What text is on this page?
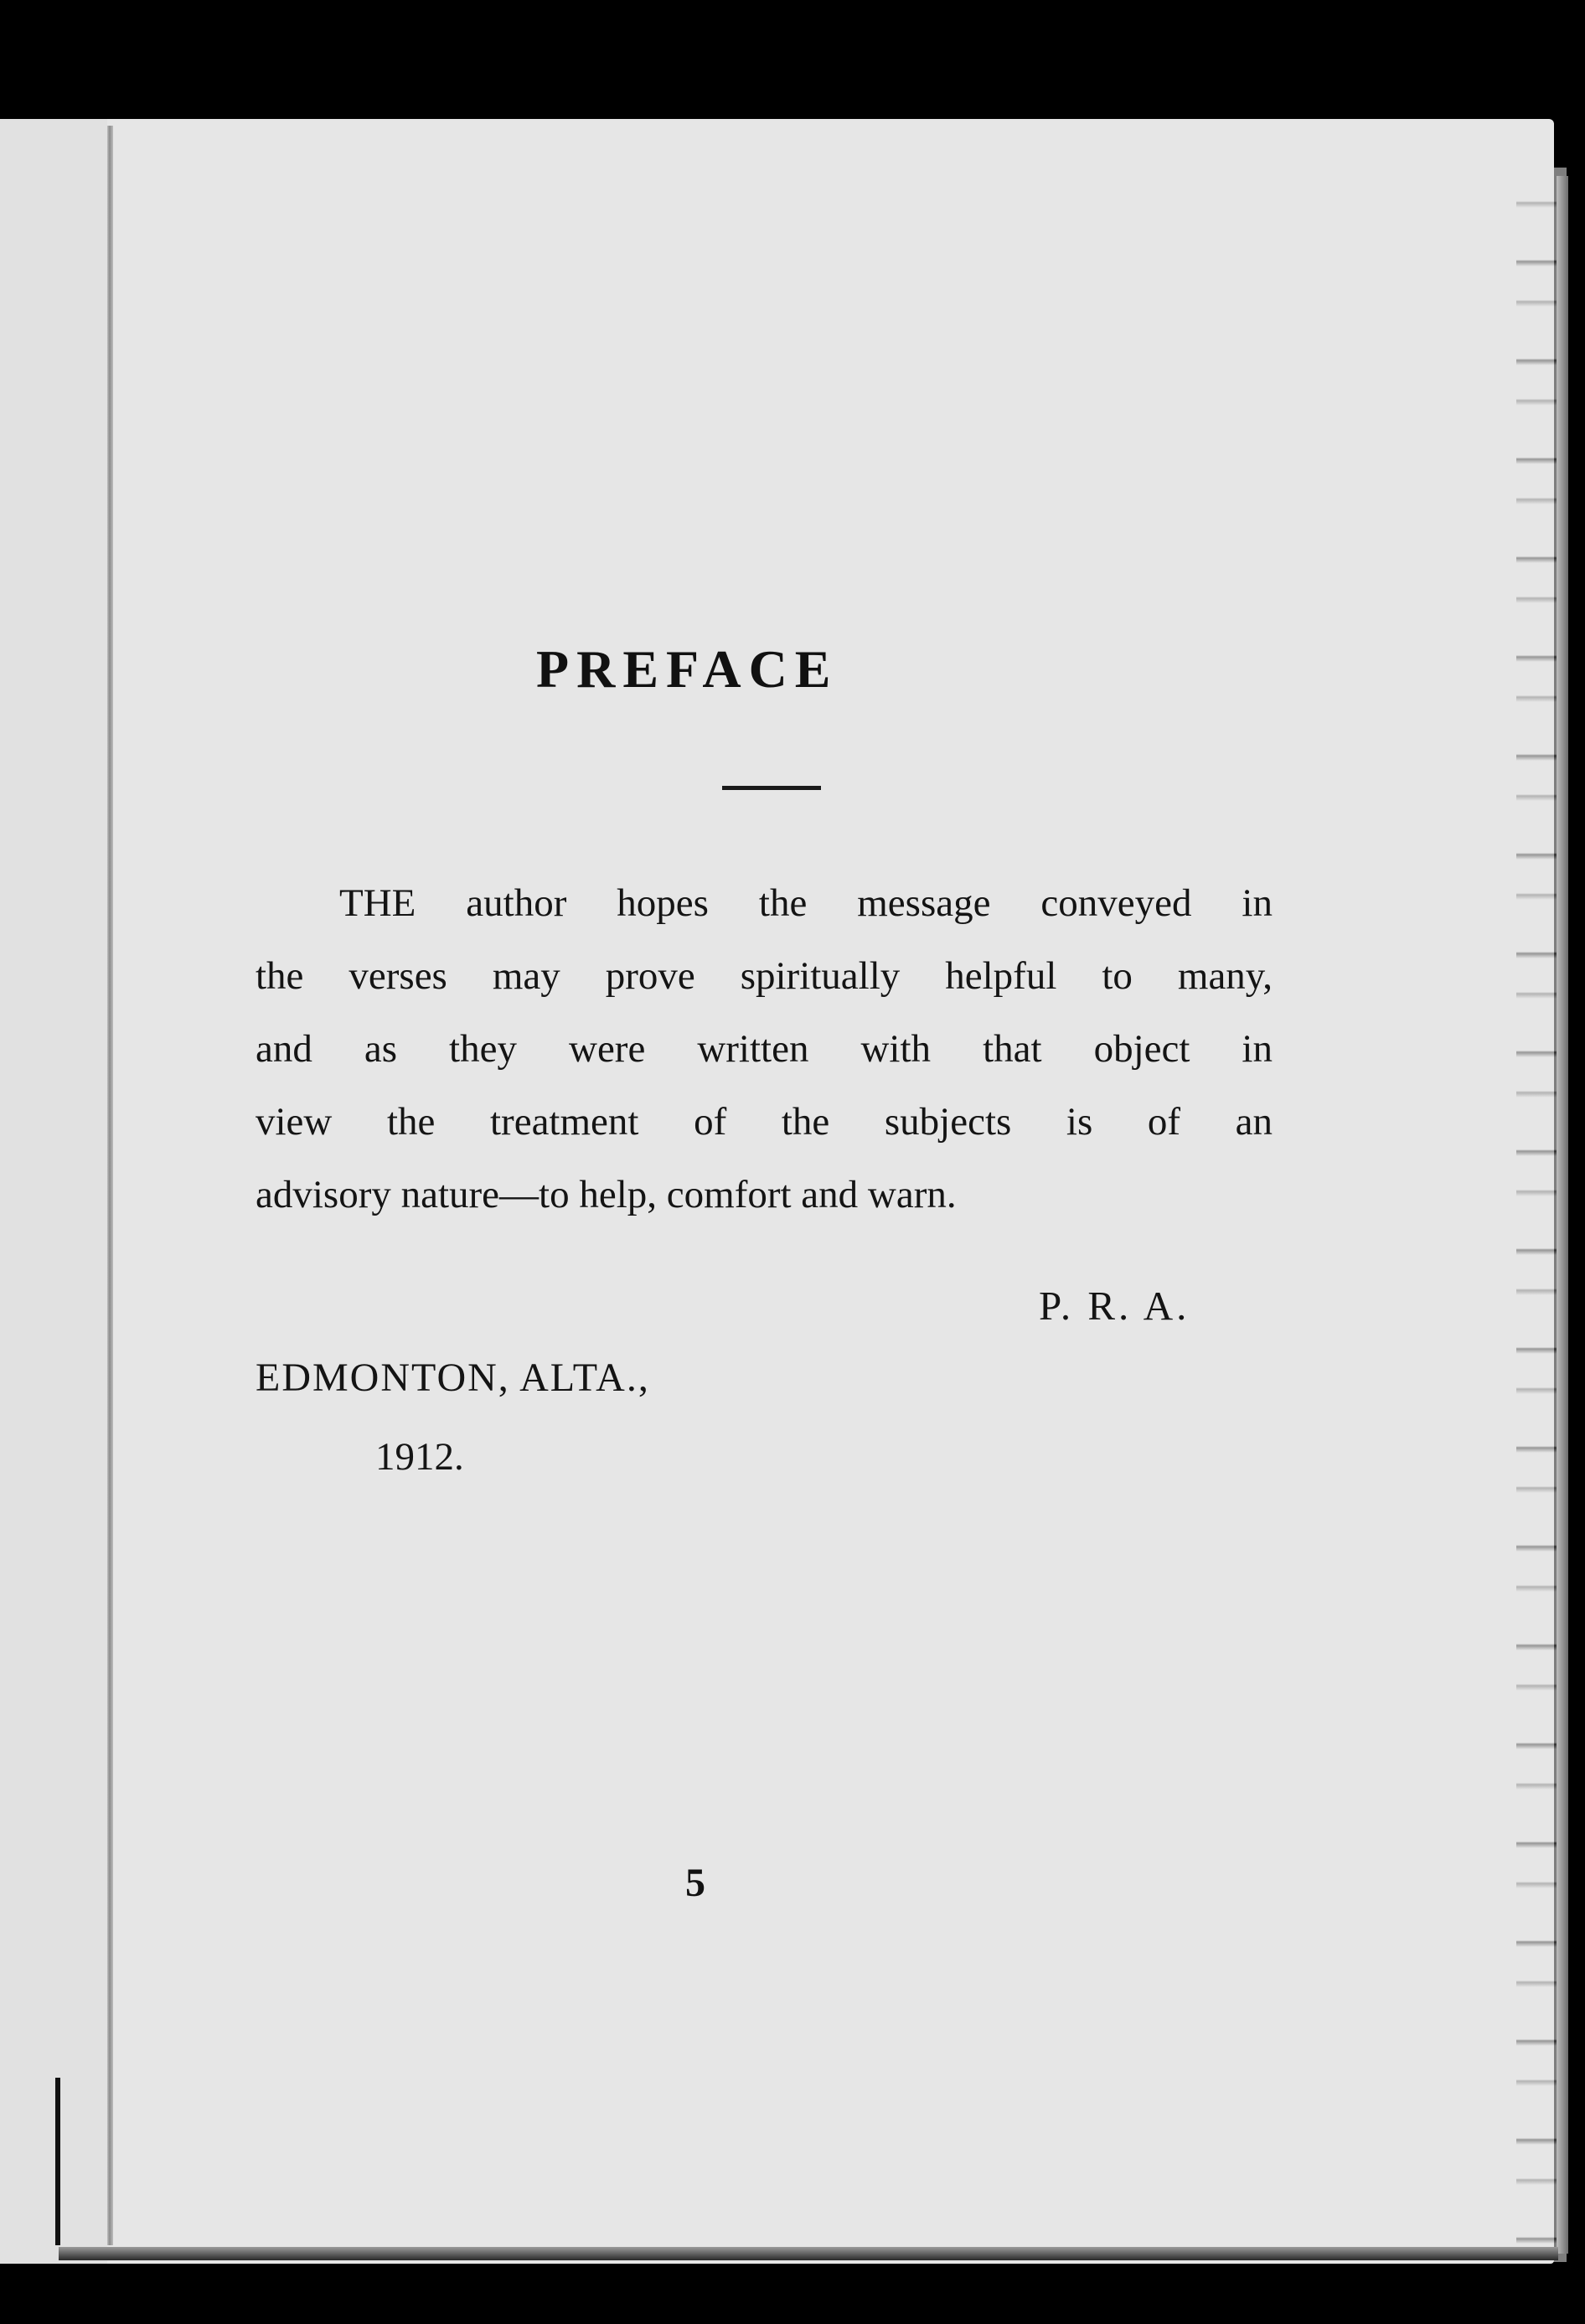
PREFACE
THE author hopes the message conveyed in
the verses may prove spiritually helpful to many,
and as they were written with that object in
view the treatment of the subjects is of an
advisory nature—to help, comfort and warn.
P. R. A.
EDMONTON, ALTA.,
1912.
5
